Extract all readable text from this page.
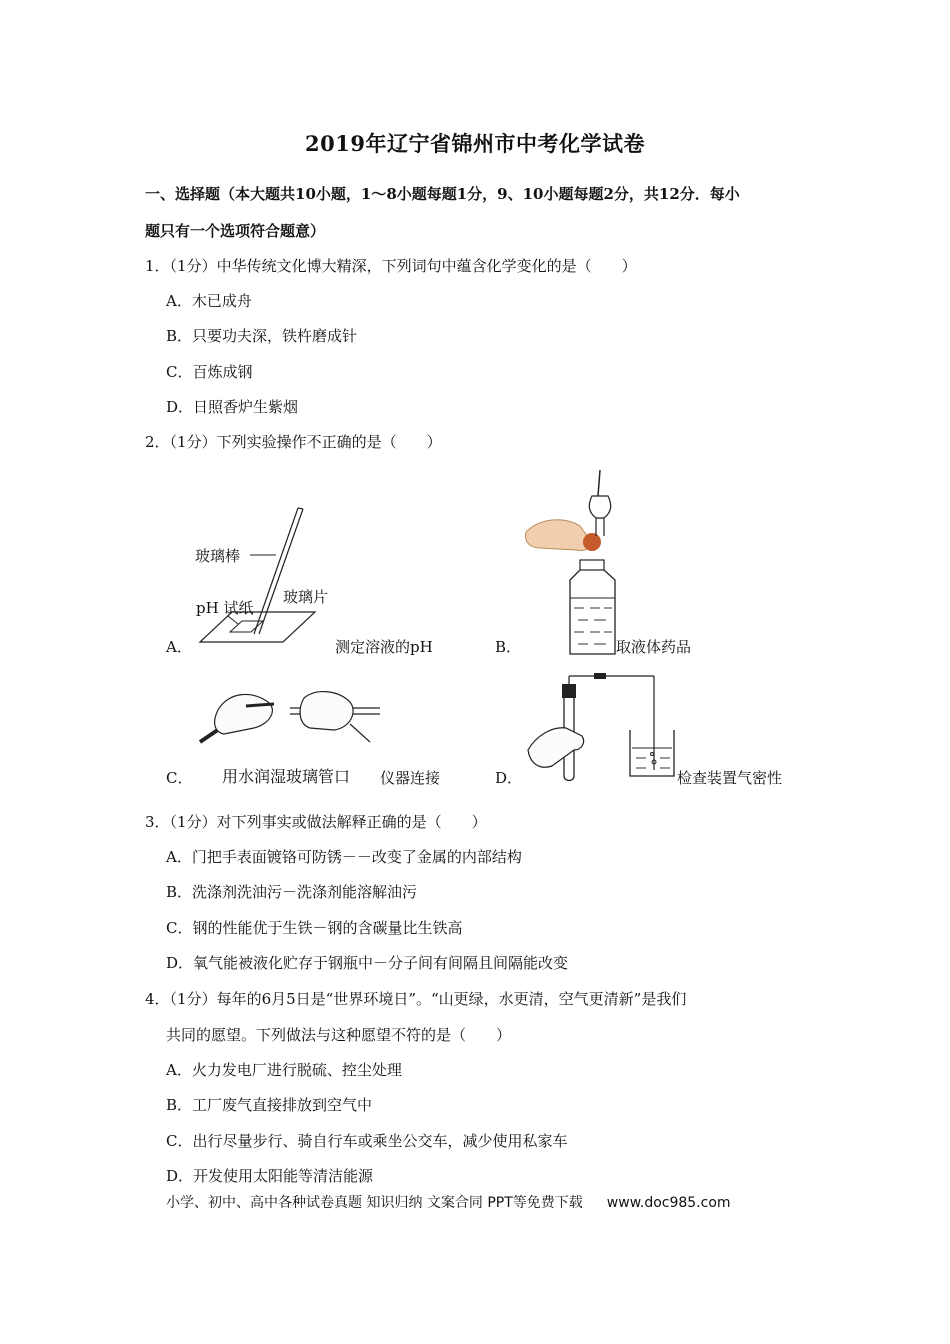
2019年辽宁省锦州市中考化学试卷
一、选择题（本大题共10小题，1～8小题每题1分，9、10小题每题2分，共12分．每小
题只有一个选项符合题意）
1．（1分）中华传统文化博大精深，下列词句中蕴含化学变化的是（　　）
A．木已成舟
B．只要功夫深，铁杵磨成针
C．百炼成钢
D．日照香炉生紫烟
2．（1分）下列实验操作不正确的是（　　）
玻璃棒
玻璃片
pH 试纸
A．	测定溶液的pH	B．	取液体药品
C． 用水润湿玻璃管口 仪器连接	D．	检查装置气密性
3．（1分）对下列事实或做法解释正确的是（　　）
A．门把手表面镀铬可防锈－－改变了金属的内部结构
B．洗涤剂洗油污－洗涤剂能溶解油污
C．钢的性能优于生铁－钢的含碳量比生铁高
D．氧气能被液化贮存于钢瓶中－分子间有间隔且间隔能改变
4．（1分）每年的6月5日是“世界环境日”。“山更绿，水更清，空气更清新”是我们
共同的愿望。下列做法与这种愿望不符的是（　　）
A．火力发电厂进行脱硫、控尘处理
B．工厂废气直接排放到空气中
C．出行尽量步行、骑自行车或乘坐公交车，减少使用私家车
D．开发使用太阳能等清洁能源
小学、初中、高中各种试卷真题 知识归纳 文案合同 PPT等免费下载 www.doc985.com
